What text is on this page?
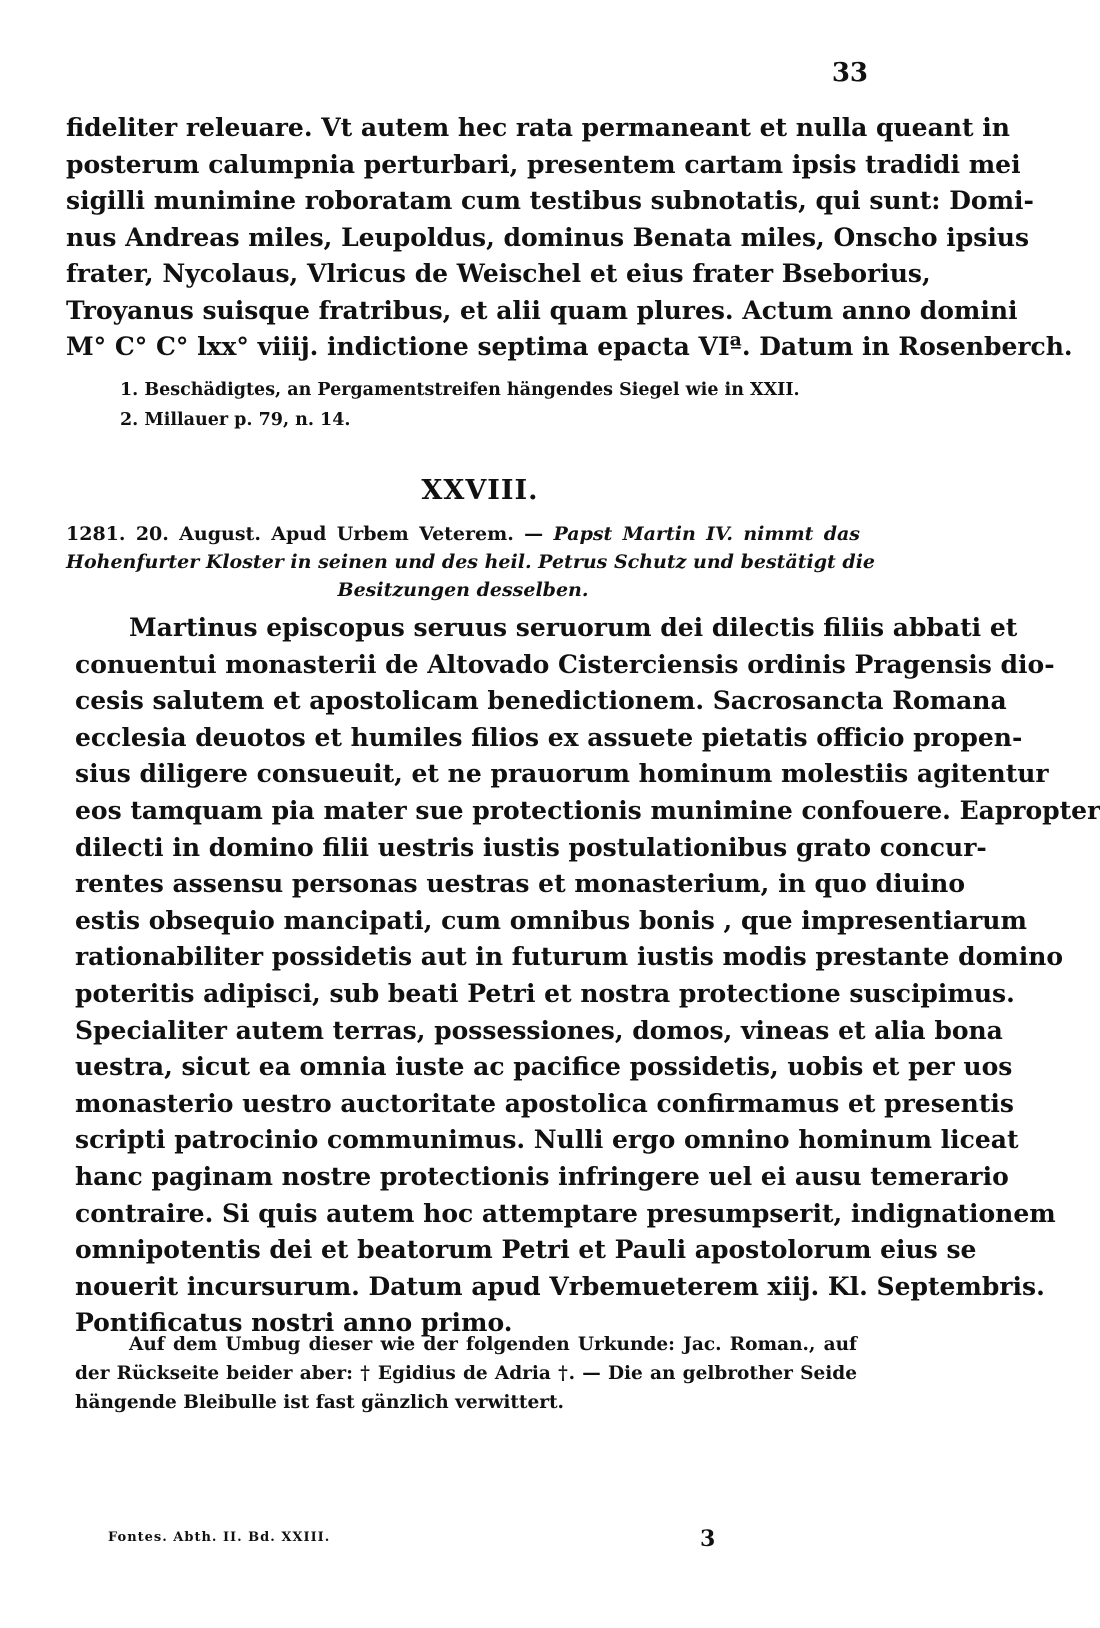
33
fideliter releuare. Vt autem hec rata permaneant et nulla queant in
posterum calumpnia perturbari, presentem cartam ipsis tradidi mei
sigilli munimine roboratam cum testibus subnotatis, qui sunt: Domi-
nus Andreas miles, Leupoldus, dominus Benata miles, Onscho ipsius
frater, Nycolaus, Vlricus de Weischel et eius frater Bseborius,
Troyanus suisque fratribus, et alii quam plures. Actum anno domini
M° C° C° lxx° viiij. indictione septima epacta VIª. Datum in Rosenberch.
1. Beschädigtes, an Pergamentstreifen hängendes Siegel wie in XXII.
2. Millauer p. 79, n. 14.
XXVIII.
1281. 20. August. Apud Urbem Veterem. — Papst Martin IV. nimmt das
Hohenfurter Kloster in seinen und des heil. Petrus Schutz und bestätigt die
Besitzungen desselben.
Martinus episcopus seruus seruorum dei dilectis filiis abbati et
conuentui monasterii de Altovado Cisterciensis ordinis Pragensis dio-
cesis salutem et apostolicam benedictionem. Sacrosancta Romana
ecclesia deuotos et humiles filios ex assuete pietatis officio propen-
sius diligere consueuit, et ne prauorum hominum molestiis agitentur
eos tamquam pia mater sue protectionis munimine confouere. Eapropter
dilecti in domino filii uestris iustis postulationibus grato concur-
rentes assensu personas uestras et monasterium, in quo diuino
estis obsequio mancipati, cum omnibus bonis , que impresentiarum
rationabiliter possidetis aut in futurum iustis modis prestante domino
poteritis adipisci, sub beati Petri et nostra protectione suscipimus.
Specialiter autem terras, possessiones, domos, vineas et alia bona
uestra, sicut ea omnia iuste ac pacifice possidetis, uobis et per uos
monasterio uestro auctoritate apostolica confirmamus et presentis
scripti patrocinio communimus. Nulli ergo omnino hominum liceat
hanc paginam nostre protectionis infringere uel ei ausu temerario
contraire. Si quis autem hoc attemptare presumpserit, indignationem
omnipotentis dei et beatorum Petri et Pauli apostolorum eius se
nouerit incursurum. Datum apud Vrbemueterem xiij. Kl. Septembris.
Pontificatus nostri anno primo.
Auf dem Umbug dieser wie der folgenden Urkunde: Jac. Roman., auf
der Rückseite beider aber: † Egidius de Adria †. — Die an gelbrother Seide
hängende Bleibulle ist fast gänzlich verwittert.
Fontes. Abth. II. Bd. XXIII.	3
